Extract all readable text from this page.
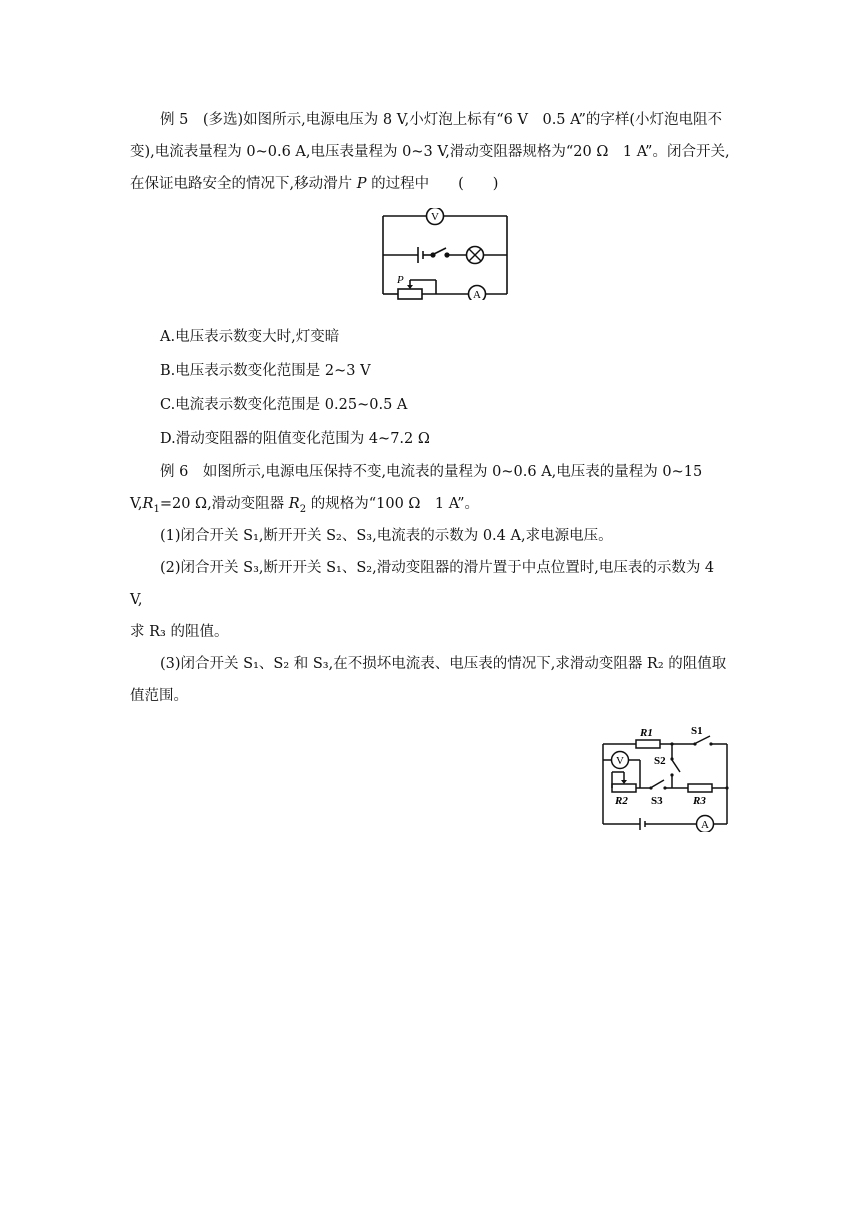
例 5　 (多选)如图所示,电源电压为 8 V,小灯泡上标有“6 V　0.5 A”的字样(小灯泡电阻不

变),电流表量程为 0~0.6 A,电压表量程为 0~3 V,滑动变阻器规格为“20 Ω　1 A”。闭合开关,

在保证电路安全的情况下,移动滑片 P 的过程中　　(　　)

V
A
P

A.电压表示数变大时,灯变暗

B.电压表示数变化范围是 2~3 V

C.电流表示数变化范围是 0.25~0.5 A

D.滑动变阻器的阻值变化范围为 4~7.2 Ω

例 6　 如图所示,电源电压保持不变,电流表的量程为 0~0.6 A,电压表的量程为 0~15

$V,R_1=20$ Ω,滑动变阻器 $R_2$ 的规格为“100 Ω　1 A”。

(1)闭合开关 S₁,断开开关 S₂、S₃,电流表的示数为 0.4 A,求电源电压。

(2)闭合开关 S₃,断开开关 S₁、S₂,滑动变阻器的滑片置于中点位置时,电压表的示数为 4 V,

求 R₃ 的阻值。

(3)闭合开关 S₁、S₂ 和 S₃,在不损坏电流表、电压表的情况下,求滑动变阻器 R₂ 的阻值取

值范围。

V
A
R1	S1
S2
R2 S3	R3
